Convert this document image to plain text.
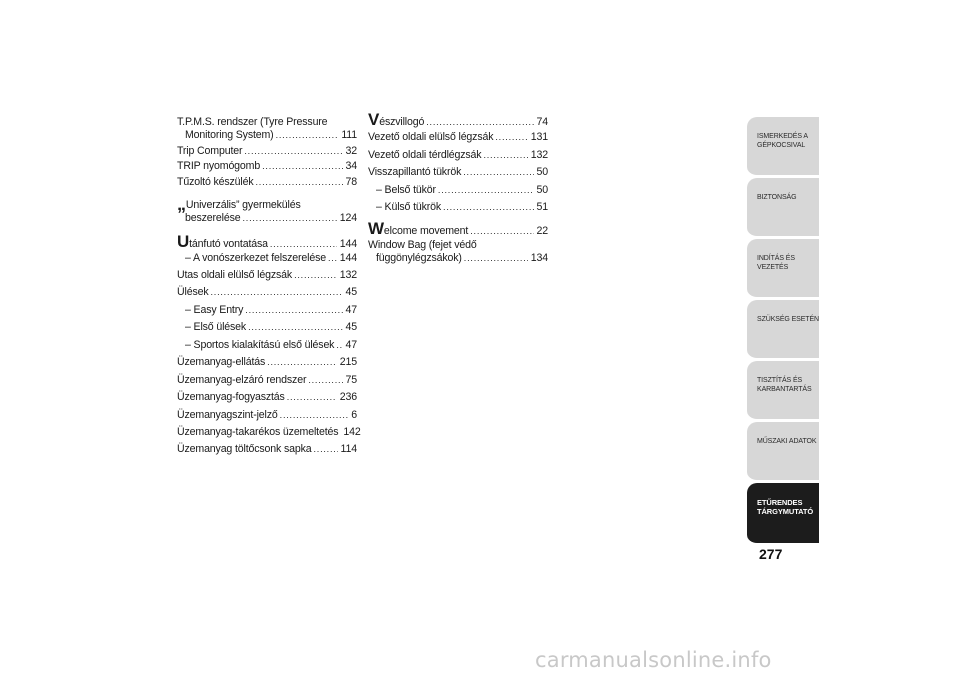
T.P.M.S. rendszer (Tyre Pressure
Monitoring System) .....	111
Trip Computer .....	32
TRIP nyomógomb .....	34
Tűzoltó készülék .....	78
„Univerzális” gyermekülés
beszerelése .....	124
Utánfutó vontatása .....	144
– A vonószerkezet felszerelése ..... 144
Utas oldali elülső légzsák .....	132
Ülések .....	45
– Easy Entry .....	47
– Első ülések .....	45
– Sportos kialakítású első ülések ..... 47
Üzemanyag-ellátás .....	215
Üzemanyag-elzáró rendszer .....	75
Üzemanyag-fogyasztás .....	236
Üzemanyagszint-jelző .....	6
Üzemanyag-takarékos üzemeltetés 142
Üzemanyag töltőcsonk sapka .....	114
Vészvillogó .....	74
Vezető oldali elülső légzsák .....	131
Vezető oldali térdlégzsák .....	132
Visszapillantó tükrök .....	50
– Belső tükör .....	50
– Külső tükrök .....	51
Welcome movement .....	22
Window Bag (fejet védő
függönylégzsákok) .....	134
ISMERKEDÉS A
GÉPKOCSIVAL
BIZTONSÁG
INDÍTÁS ÉS VEZETÉS
SZÜKSÉG ESETÉN
TISZTÍTÁS ÉS
KARBANTARTÁS
MŰSZAKI ADATOK
ETŰRENDES
TÁRGYMUTATÓ
277
carmanualsonline.info
